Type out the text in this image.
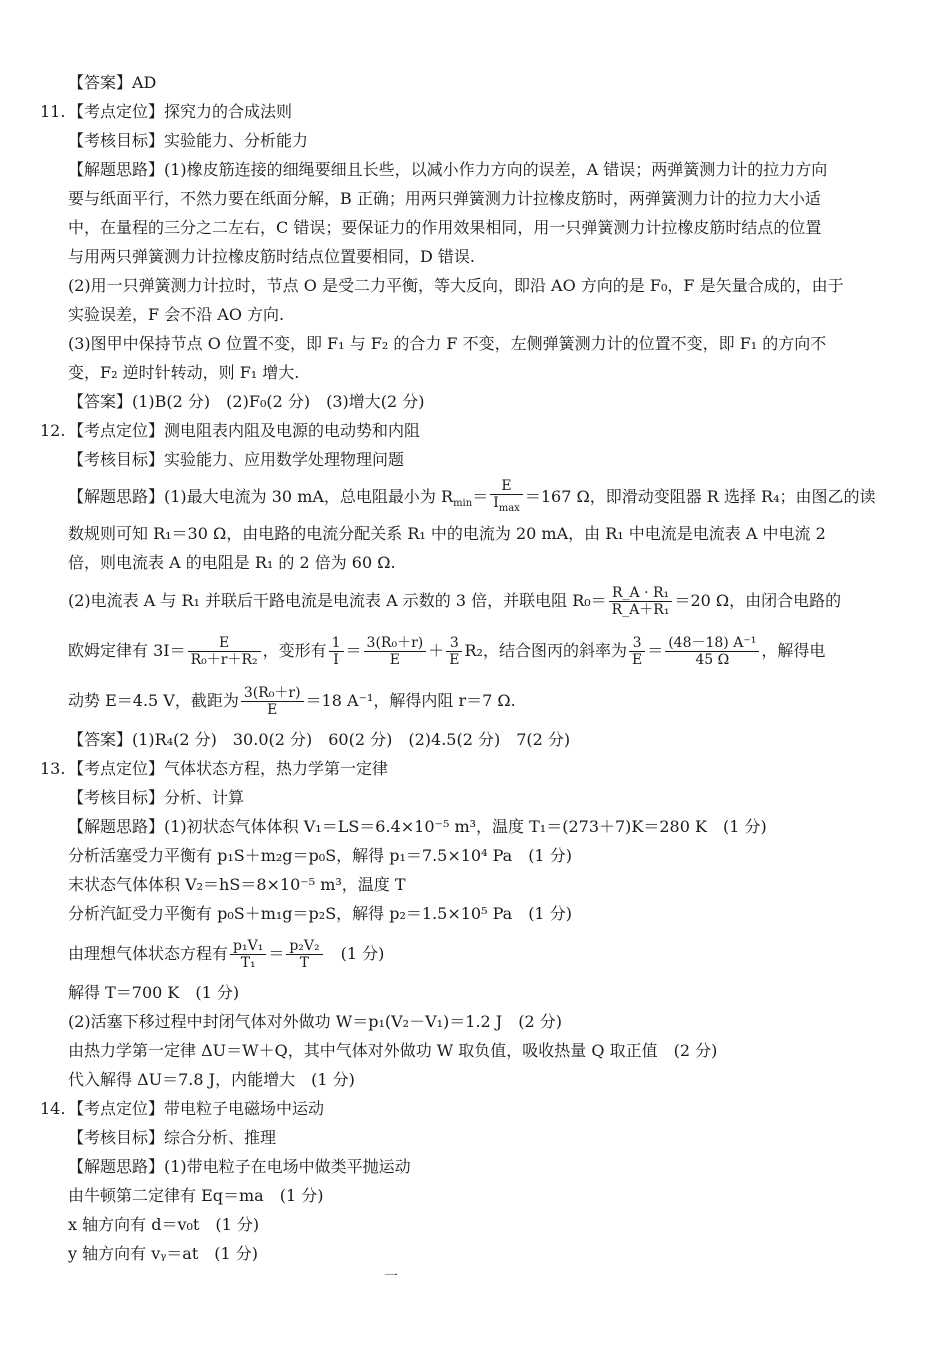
【答案】AD
11. 【考点定位】探究力的合成法则
【考核目标】实验能力、分析能力
【解题思路】(1)橡皮筋连接的细绳要细且长些，以减小作力方向的误差，A 错误；两弹簧测力计的拉力方向
要与纸面平行，不然力要在纸面分解，B 正确；用两只弹簧测力计拉橡皮筋时，两弹簧测力计的拉力大小适
中，在量程的三分之二左右，C 错误；要保证力的作用效果相同，用一只弹簧测力计拉橡皮筋时结点的位置
与用两只弹簧测力计拉橡皮筋时结点位置要相同，D 错误.
(2)用一只弹簧测力计拉时，节点 O 是受二力平衡，等大反向，即沿 AO 方向的是 F₀，F 是矢量合成的，由于
实验误差，F 会不沿 AO 方向.
(3)图甲中保持节点 O 位置不变，即 F₁ 与 F₂ 的合力 F 不变，左侧弹簧测力计的位置不变，即 F₁ 的方向不
变，F₂ 逆时针转动，则 F₁ 增大.
【答案】(1)B(2 分)　(2)F₀(2 分)　(3)增大(2 分)
12. 【考点定位】测电阻表内阻及电源的电动势和内阻
【考核目标】实验能力、应用数学处理物理问题
【解题思路】(1)最大电流为 30 mA，总电阻最小为 $R_{min}= \frac{E}{I_{max}} =167$ Ω，即滑动变阻器 R 选择 R₄；由图乙的读
数规则可知 R₁＝30 Ω，由电路的电流分配关系 R₁ 中的电流为 20 mA，由 R₁ 中电流是电流表 A 中电流 2
倍，则电流表 A 的电阻是 R₁ 的 2 倍为 60 Ω.
(2)电流表 A 与 R₁ 并联后干路电流是电流表 A 示数的 3 倍，并联电阻 $R_0= \frac{\text{R\_A · R₁}}{\text{R\_A＋R₁}} =20$ Ω，由闭合电路的
欧姆定律有 $3I= \frac{E}{\text{R₀＋r＋R₂}}$ ，变形有 $\frac{1}{I} = \frac{\text{3(R₀＋r)}}{E} + \frac{3}{E} R_2$，结合图丙的斜率为 $\frac{3}{E} = \frac{\text{(48－18) A⁻¹}}{45 \Omega}$ ，解得电
动势 E＝4.5 V，截距为 $\frac{\text{3(R₀＋r)}}{E} =18$ A⁻¹，解得内阻 r＝7 Ω.
【答案】(1)R₄(2 分)　30.0(2 分)　60(2 分)　(2)4.5(2 分)　7(2 分)
13. 【考点定位】气体状态方程，热力学第一定律
【考核目标】分析、计算
【解题思路】(1)初状态气体体积 V₁＝LS＝6.4×10⁻⁵ m³，温度 T₁＝(273＋7)K＝280 K　(1 分)
分析活塞受力平衡有 p₁S＋m₂g＝p₀S，解得 p₁＝7.5×10⁴ Pa　(1 分)
末状态气体体积 V₂＝hS＝8×10⁻⁵ m³，温度 T
分析汽缸受力平衡有 p₀S＋m₁g＝p₂S，解得 p₂＝1.5×10⁵ Pa　(1 分)
由理想气体状态方程有 $\frac{\text{p₁V₁}}{\text{T₁}} = \frac{\text{p₂V₂}}{T}$ 　(1 分)
解得 T＝700 K　(1 分)
(2)活塞下移过程中封闭气体对外做功 W＝p₁(V₂－V₁)＝1.2 J　(2 分)
由热力学第一定律 ΔU＝W＋Q，其中气体对外做功 W 取负值，吸收热量 Q 取正值　(2 分)
代入解得 ΔU＝7.8 J，内能增大　(1 分)
14. 【考点定位】带电粒子电磁场中运动
【考核目标】综合分析、推理
【解题思路】(1)带电粒子在电场中做类平抛运动
由牛顿第二定律有 Eq＝ma　(1 分)
x 轴方向有 d＝v₀t　(1 分)
y 轴方向有 vᵧ＝at　(1 分)
一
